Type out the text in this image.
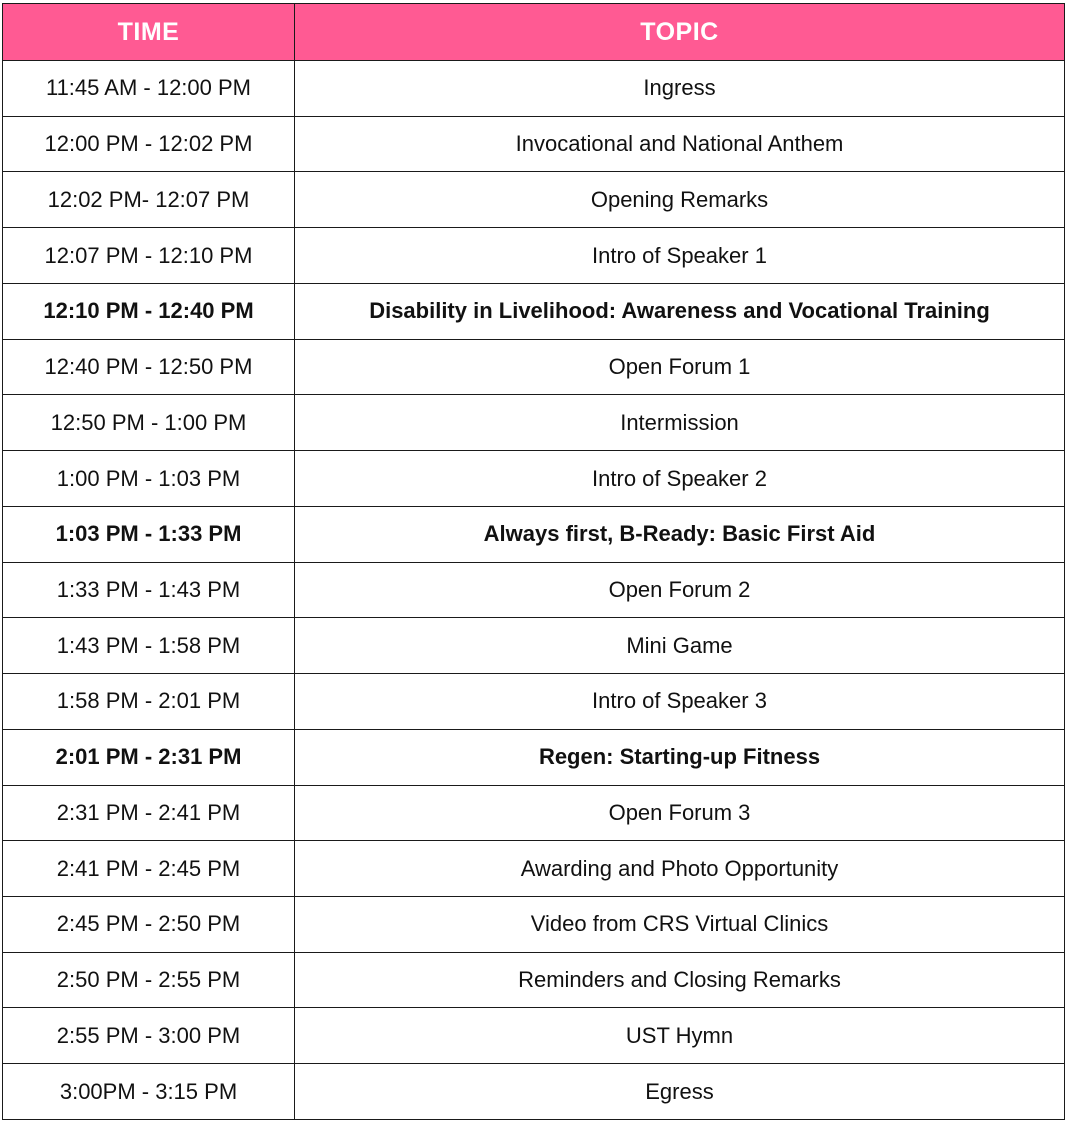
TIME	TOPIC
11:45 AM - 12:00 PM	Ingress
12:00 PM - 12:02 PM	Invocational and National Anthem
12:02 PM- 12:07 PM	Opening Remarks
12:07 PM - 12:10 PM	Intro of Speaker 1
12:10 PM - 12:40 PM	Disability in Livelihood: Awareness and Vocational Training
12:40 PM - 12:50 PM	Open Forum 1
12:50 PM - 1:00 PM	Intermission
1:00 PM - 1:03 PM	Intro of Speaker 2
1:03 PM - 1:33 PM	Always first, B-Ready: Basic First Aid
1:33 PM - 1:43 PM	Open Forum 2
1:43 PM - 1:58 PM	Mini Game
1:58 PM - 2:01 PM	Intro of Speaker 3
2:01 PM - 2:31 PM	Regen: Starting-up Fitness
2:31 PM - 2:41 PM	Open Forum 3
2:41 PM - 2:45 PM	Awarding and Photo Opportunity
2:45 PM - 2:50 PM	Video from CRS Virtual Clinics
2:50 PM - 2:55 PM	Reminders and Closing Remarks
2:55 PM - 3:00 PM	UST Hymn
3:00PM - 3:15 PM	Egress
